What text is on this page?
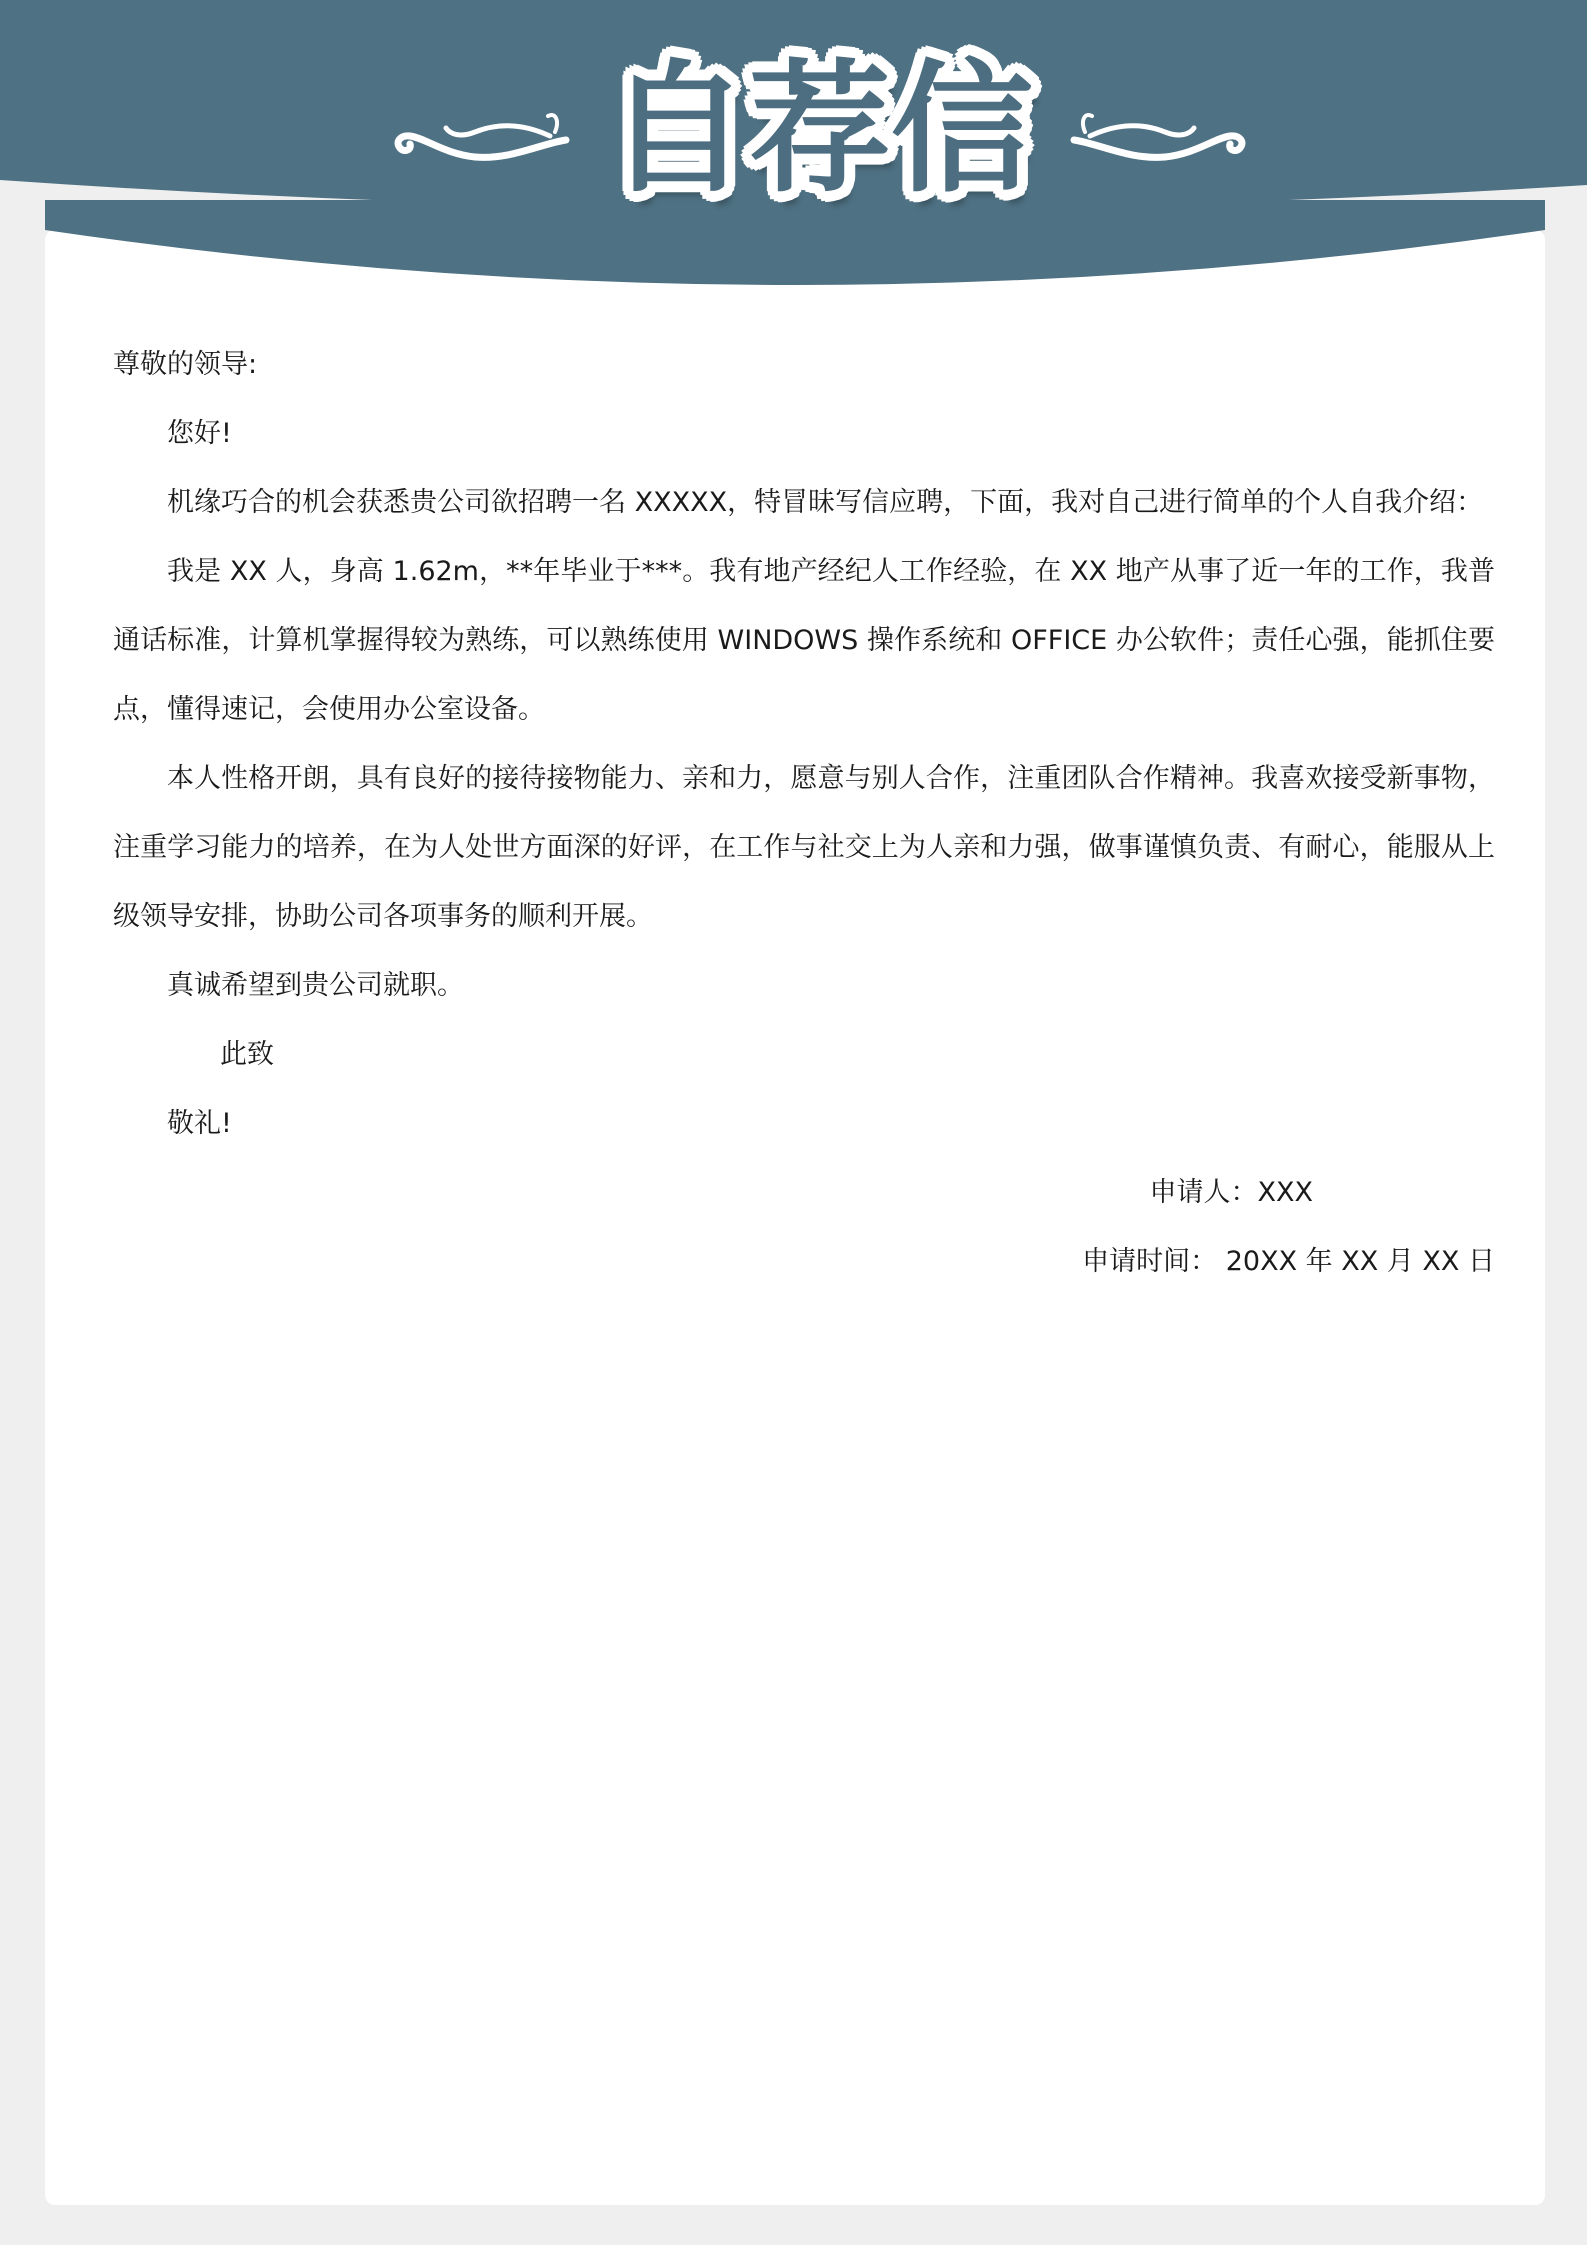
自荐信

尊敬的领导:

您好!

机缘巧合的机会获悉贵公司欲招聘一名 XXXXX，特冒昧写信应聘，下面，我对自己进行简单的个人自我介绍：

我是 XX 人，身高 1.62m，**年毕业于***。我有地产经纪人工作经验，在 XX 地产从事了近一年的工作，我普通话标准，计算机掌握得较为熟练，可以熟练使用 WINDOWS 操作系统和 OFFICE 办公软件；责任心强，能抓住要点，懂得速记，会使用办公室设备。

本人性格开朗，具有良好的接待接物能力、亲和力，愿意与别人合作，注重团队合作精神。我喜欢接受新事物，注重学习能力的培养，在为人处世方面深的好评，在工作与社交上为人亲和力强，做事谨慎负责、有耐心，能服从上级领导安排，协助公司各项事务的顺利开展。

真诚希望到贵公司就职。

此致

敬礼!

申请人：XXX

申请时间： 20XX 年 XX 月 XX 日
